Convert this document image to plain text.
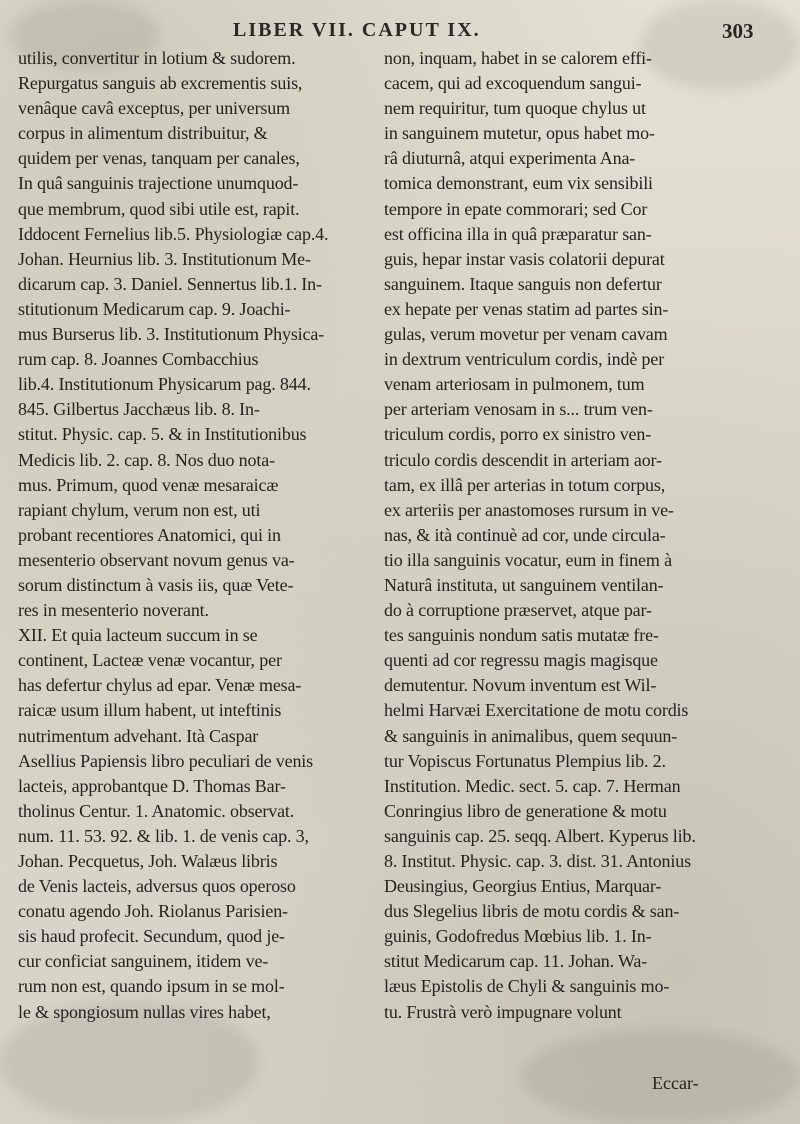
LIBER VII. CAPUT IX.	303
utilis, convertitur in lotium & sudorem.
Repurgatus sanguis ab excrementis suis,
venâque cavâ exceptus, per universum
corpus in alimentum distribuitur, &
quidem per venas, tanquam per canales,
In quâ sanguinis trajectione unumquod-
que membrum, quod sibi utile est, rapit.
Iddocent Fernelius lib.5. Physiologiæ cap.4.
Johan. Heurnius lib. 3. Institutionum Me-
dicarum cap. 3. Daniel. Sennertus lib.1. In-
stitutionum Medicarum cap. 9. Joachi-
mus Burserus lib. 3. Institutionum Physica-
rum cap. 8. Joannes Combacchius
lib.4. Institutionum Physicarum pag. 844.
845. Gilbertus Jacchæus lib. 8. In-
stitut. Physic. cap. 5. & in Institutionibus
Medicis lib. 2. cap. 8. Nos duo nota-
mus. Primum, quod venæ mesaraicæ
rapiant chylum, verum non est, uti
probant recentiores Anatomici, qui in
mesenterio observant novum genus va-
sorum distinctum à vasis iis, quæ Vete-
res in mesenterio noverant.
XII. Et quia lacteum succum in se
continent, Lacteæ venæ vocantur, per
has defertur chylus ad epar. Venæ mesa-
raicæ usum illum habent, ut inteftinis
nutrimentum advehant. Ità Caspar
Asellius Papiensis libro peculiari de venis
lacteis, approbantque D. Thomas Bar-
tholinus Centur. 1. Anatomic. observat.
num. 11. 53. 92. & lib. 1. de venis cap. 3,
Johan. Pecquetus, Joh. Walæus libris
de Venis lacteis, adversus quos operoso
conatu agendo Joh. Riolanus Parisien-
sis haud profecit. Secundum, quod je-
cur conficiat sanguinem, itidem ve-
rum non est, quando ipsum in se mol-
le & spongiosum nullas vires habet,
non, inquam, habet in se calorem effi-
cacem, qui ad excoquendum sangui-
nem requiritur, tum quoque chylus ut
in sanguinem mutetur, opus habet mo-
râ diuturnâ, atqui experimenta Ana-
tomica demonstrant, eum vix sensibili
tempore in epate commorari; sed Cor
est officina illa in quâ præparatur san-
guis, hepar instar vasis colatorii depurat
sanguinem. Itaque sanguis non defertur
ex hepate per venas statim ad partes sin-
gulas, verum movetur per venam cavam
in dextrum ventriculum cordis, indè per
venam arteriosam in pulmonem, tum
per arteriam venosam in s... trum ven-
triculum cordis, porro ex sinistro ven-
triculo cordis descendit in arteriam aor-
tam, ex illâ per arterias in totum corpus,
ex arteriis per anastomoses rursum in ve-
nas, & ità continuè ad cor, unde circula-
tio illa sanguinis vocatur, eum in finem à
Naturâ instituta, ut sanguinem ventilan-
do à corruptione præservet, atque par-
tes sanguinis nondum satis mutatæ fre-
quenti ad cor regressu magis magisque
demutentur. Novum inventum est Wil-
helmi Harvæi Exercitatione de motu cordis
& sanguinis in animalibus, quem sequun-
tur Vopiscus Fortunatus Plempius lib. 2.
Institution. Medic. sect. 5. cap. 7. Herman
Conringius libro de generatione & motu
sanguinis cap. 25. seqq. Albert. Kyperus lib.
8. Institut. Physic. cap. 3. dist. 31. Antonius
Deusingius, Georgius Entius, Marquar-
dus Slegelius libris de motu cordis & san-
guinis, Godofredus Mœbius lib. 1. In-
stitut Medicarum cap. 11. Johan. Wa-
læus Epistolis de Chyli & sanguinis mo-
tu. Frustrà verò impugnare volunt
Eccar-
